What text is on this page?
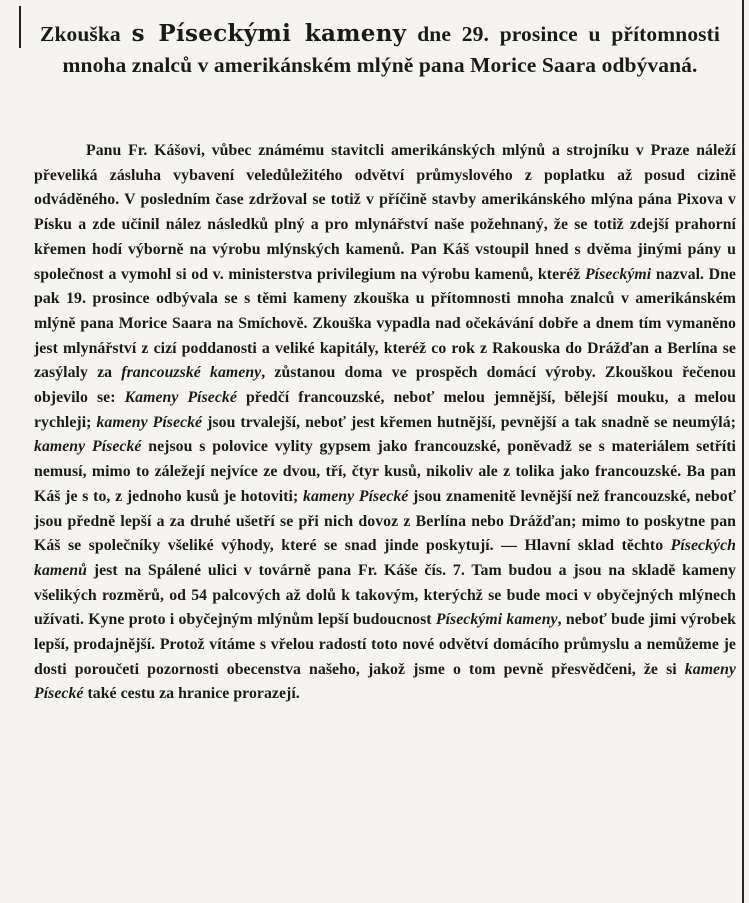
Zkouška s Píseckými kameny dne 29. prosince u přítomnosti mnoha znalců v amerikánském mlýně pana Morice Saara odbývaná.

Panu Fr. Kášovi, vůbec známému stavitcli amerikánských mlýnů a strojníku v Praze náleží převeliká zásluha vybavení veledůležitého odvětví průmyslového z poplatku až posud cizině odváděného. V posledním čase zdržoval se totiž v příčině stavby amerikánského mlýna pána Pixova v Písku a zde učinil nález následků plný a pro mlynářství naše požehnaný, že se totiž zdejší prahorní křemen hodí výborně na výrobu mlýnských kamenů. Pan Káš vstoupil hned s dvěma jinými pány u společnost a vymohl si od v. ministerstva privilegium na výrobu kamenů, kteréž Píseckými nazval. Dne pak 19. prosince odbývala se s těmi kameny zkouška u přítomnosti mnoha znalců v amerikánském mlýně pana Morice Saara na Smíchově. Zkouška vypadla nad očekávání dobře a dnem tím vymaněno jest mlynářství z cizí poddanosti a veliké kapitály, kteréž co rok z Rakouska do Drážďan a Berlína se zasýlaly za francouzské kameny, zůstanou doma ve prospěch domácí výroby. Zkouškou řečenou objevilo se: Kameny Písecké předčí francouzské, neboť melou jemnější, bělejší mouku, a melou rychleji; kameny Písecké jsou trvalejší, neboť jest křemen hutnější, pevnější a tak snadně se neumýlá; kameny Písecké nejsou s polovice vylity gypsem jako francouzské, poněvadž se s materiálem setříti nemusí, mimo to záležejí nejvíce ze dvou, tří, čtyr kusů, nikoliv ale z tolika jako francouzské. Ba pan Káš je s to, z jednoho kusů je hotoviti; kameny Písecké jsou znamenitě levnější než francouzské, neboť jsou předně lepší a za druhé ušetří se při nich dovoz z Berlína nebo Drážďan; mimo to poskytne pan Káš se společníky všeliké výhody, které se snad jinde poskytují. — Hlavní sklad těchto Píseckých kamenů jest na Spálené ulici v továrně pana Fr. Káše čís. 7. Tam budou a jsou na skladě kameny všelikých rozměrů, od 54 palcových až dolů k takovým, kterýchž se bude moci v obyčejných mlýnech užívati. Kyne proto i obyčejným mlýnům lepší budoucnost Píseckými kameny, neboť bude jimi výrobek lepší, prodajnější. Protož vítáme s vřelou radostí toto nové odvětví domácího průmyslu a nemůžeme je dosti poroučeti pozornosti obecenstva našeho, jakož jsme o tom pevně přesvědčeni, že si kameny Písecké také cestu za hranice prorazejí.
